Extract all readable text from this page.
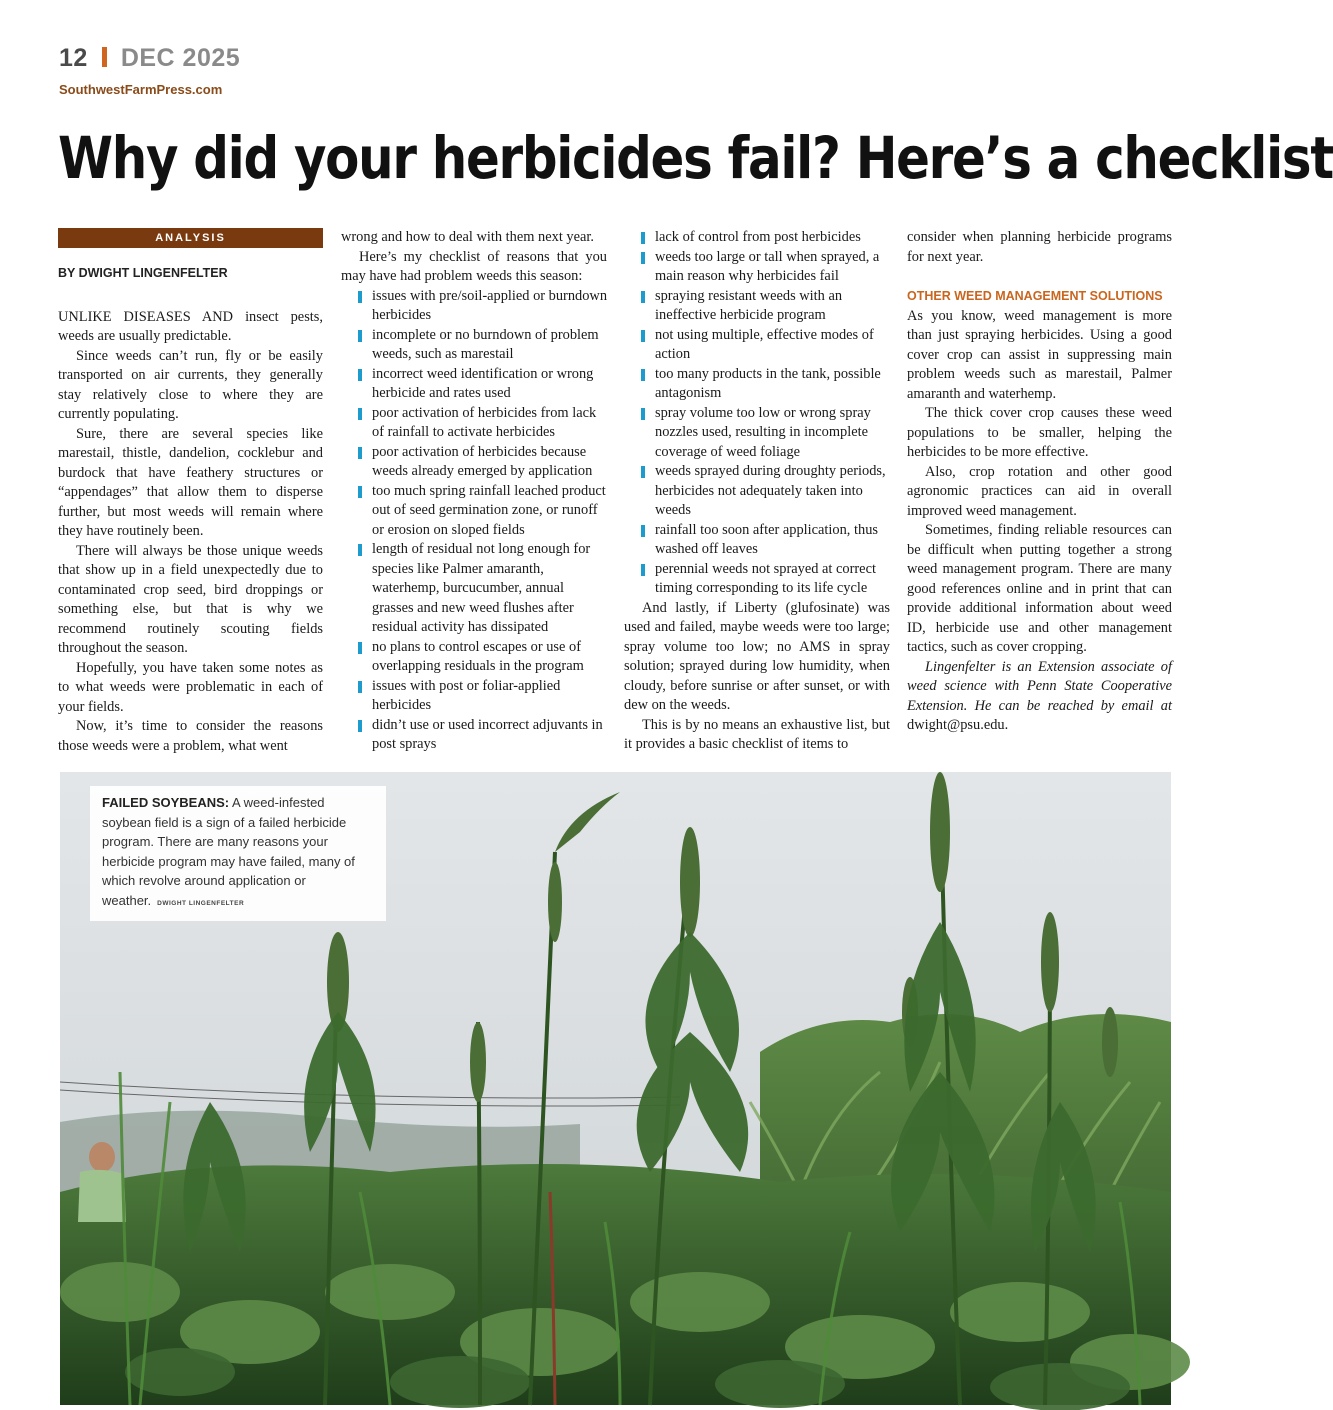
12 DEC 2025
SouthwestFarmPress.com
Why did your herbicides fail? Here’s a checklist
ANALYSIS
BY DWIGHT LINGENFELTER

UNLIKE DISEASES AND insect pests, weeds are usually predictable.

Since weeds can’t run, fly or be easily transported on air currents, they generally stay relatively close to where they are currently populating.

Sure, there are several species like marestail, thistle, dandelion, cocklebur and burdock that have feathery structures or “appendages” that allow them to disperse further, but most weeds will remain where they have routinely been.

There will always be those unique weeds that show up in a field unexpectedly due to contaminated crop seed, bird droppings or something else, but that is why we recommend routinely scouting fields throughout the season.

Hopefully, you have taken some notes as to what weeds were problematic in each of your fields.

Now, it’s time to consider the reasons those weeds were a problem, what went

wrong and how to deal with them next year.

Here’s my checklist of reasons that you may have had problem weeds this season:

issues with pre/soil-applied or burndown herbicides
incomplete or no burndown of problem weeds, such as marestail
incorrect weed identification or wrong herbicide and rates used
poor activation of herbicides from lack of rainfall to activate herbicides
poor activation of herbicides because weeds already emerged by application
too much spring rainfall leached product out of seed germination zone, or runoff or erosion on sloped fields
length of residual not long enough for species like Palmer amaranth, waterhemp, burcucumber, annual grasses and new weed flushes after residual activity has dissipated
no plans to control escapes or use of overlapping residuals in the program
issues with post or foliar-applied herbicides
didn’t use or used incorrect adjuvants in post sprays
lack of control from post herbicides
weeds too large or tall when sprayed, a main reason why herbicides fail
spraying resistant weeds with an ineffective herbicide program
not using multiple, effective modes of action
too many products in the tank, possible antagonism
spray volume too low or wrong spray nozzles used, resulting in incomplete coverage of weed foliage
weeds sprayed during droughty periods, herbicides not adequately taken into weeds
rainfall too soon after application, thus washed off leaves
perennial weeds not sprayed at correct timing corresponding to its life cycle

And lastly, if Liberty (glufosinate) was used and failed, maybe weeds were too large; spray volume too low; no AMS in spray solution; sprayed during low humidity, when cloudy, before sunrise or after sunset, or with dew on the weeds.

This is by no means an exhaustive list, but it provides a basic checklist of items to

consider when planning herbicide programs for next year.

OTHER WEED MANAGEMENT SOLUTIONS

As you know, weed management is more than just spraying herbicides. Using a good cover crop can assist in suppressing main problem weeds such as marestail, Palmer amaranth and waterhemp.

The thick cover crop causes these weed populations to be smaller, helping the herbicides to be more effective.

Also, crop rotation and other good agronomic practices can aid in overall improved weed management.

Sometimes, finding reliable resources can be difficult when putting together a strong weed management program. There are many good references online and in print that can provide additional information about weed ID, herbicide use and other management tactics, such as cover cropping.

Lingenfelter is an Extension associate of weed science with Penn State Cooperative Extension. He can be reached by email at dwight@psu.edu.

FAILED SOYBEANS: A weed-infested soybean field is a sign of a failed herbicide program. There are many reasons your herbicide program may have failed, many of which revolve around application or weather. DWIGHT LINGENFELTER
